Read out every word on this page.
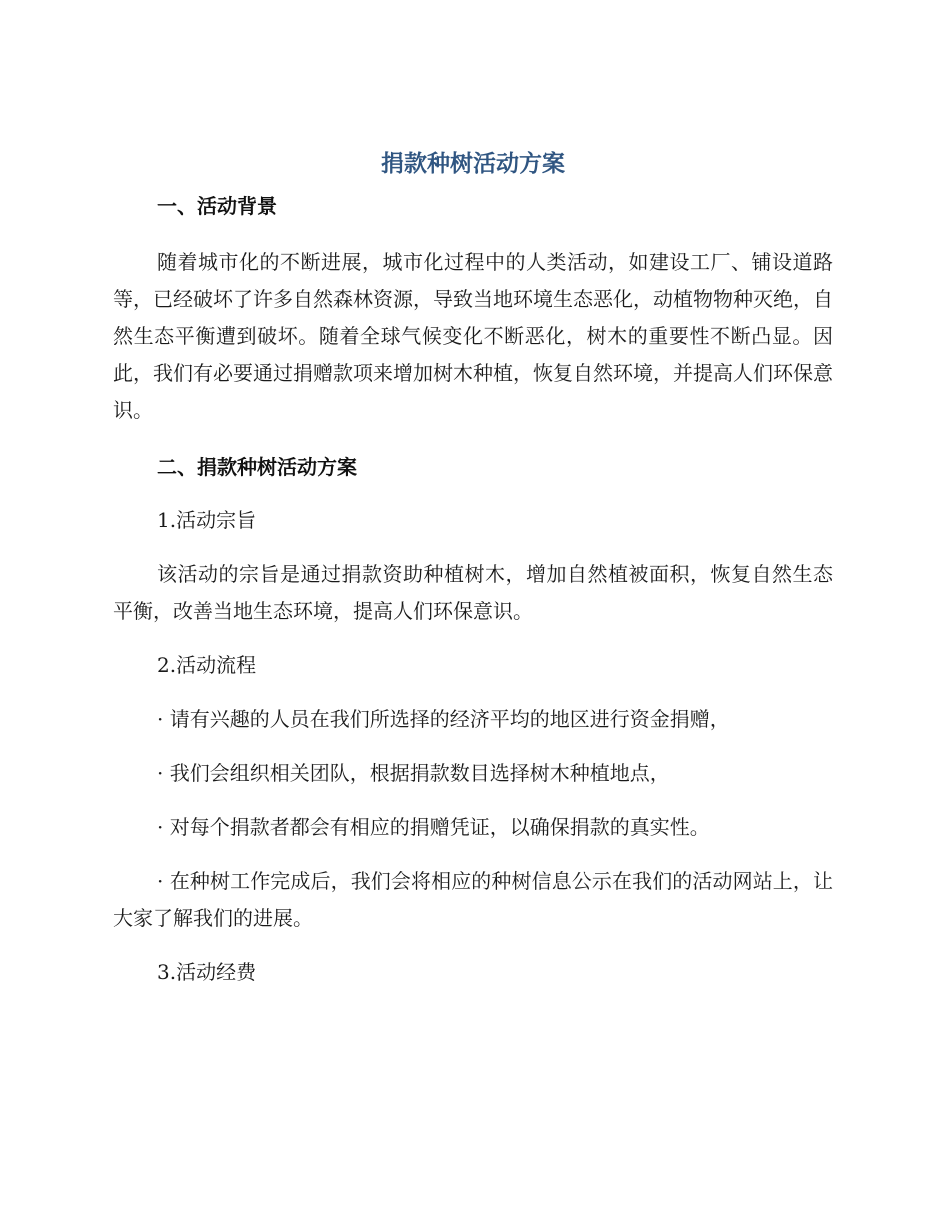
捐款种树活动方案
一、活动背景

随着城市化的不断进展，城市化过程中的人类活动，如建设工厂、铺设道路等，已经破坏了许多自然森林资源，导致当地环境生态恶化，动植物物种灭绝，自然生态平衡遭到破坏。随着全球气候变化不断恶化，树木的重要性不断凸显。因此，我们有必要通过捐赠款项来增加树木种植，恢复自然环境，并提高人们环保意识。

二、捐款种树活动方案

1.活动宗旨

该活动的宗旨是通过捐款资助种植树木，增加自然植被面积，恢复自然生态平衡，改善当地生态环境，提高人们环保意识。

2.活动流程

· 请有兴趣的人员在我们所选择的经济平均的地区进行资金捐赠，

· 我们会组织相关团队，根据捐款数目选择树木种植地点，

· 对每个捐款者都会有相应的捐赠凭证，以确保捐款的真实性。

· 在种树工作完成后，我们会将相应的种树信息公示在我们的活动网站上，让大家了解我们的进展。

3.活动经费
